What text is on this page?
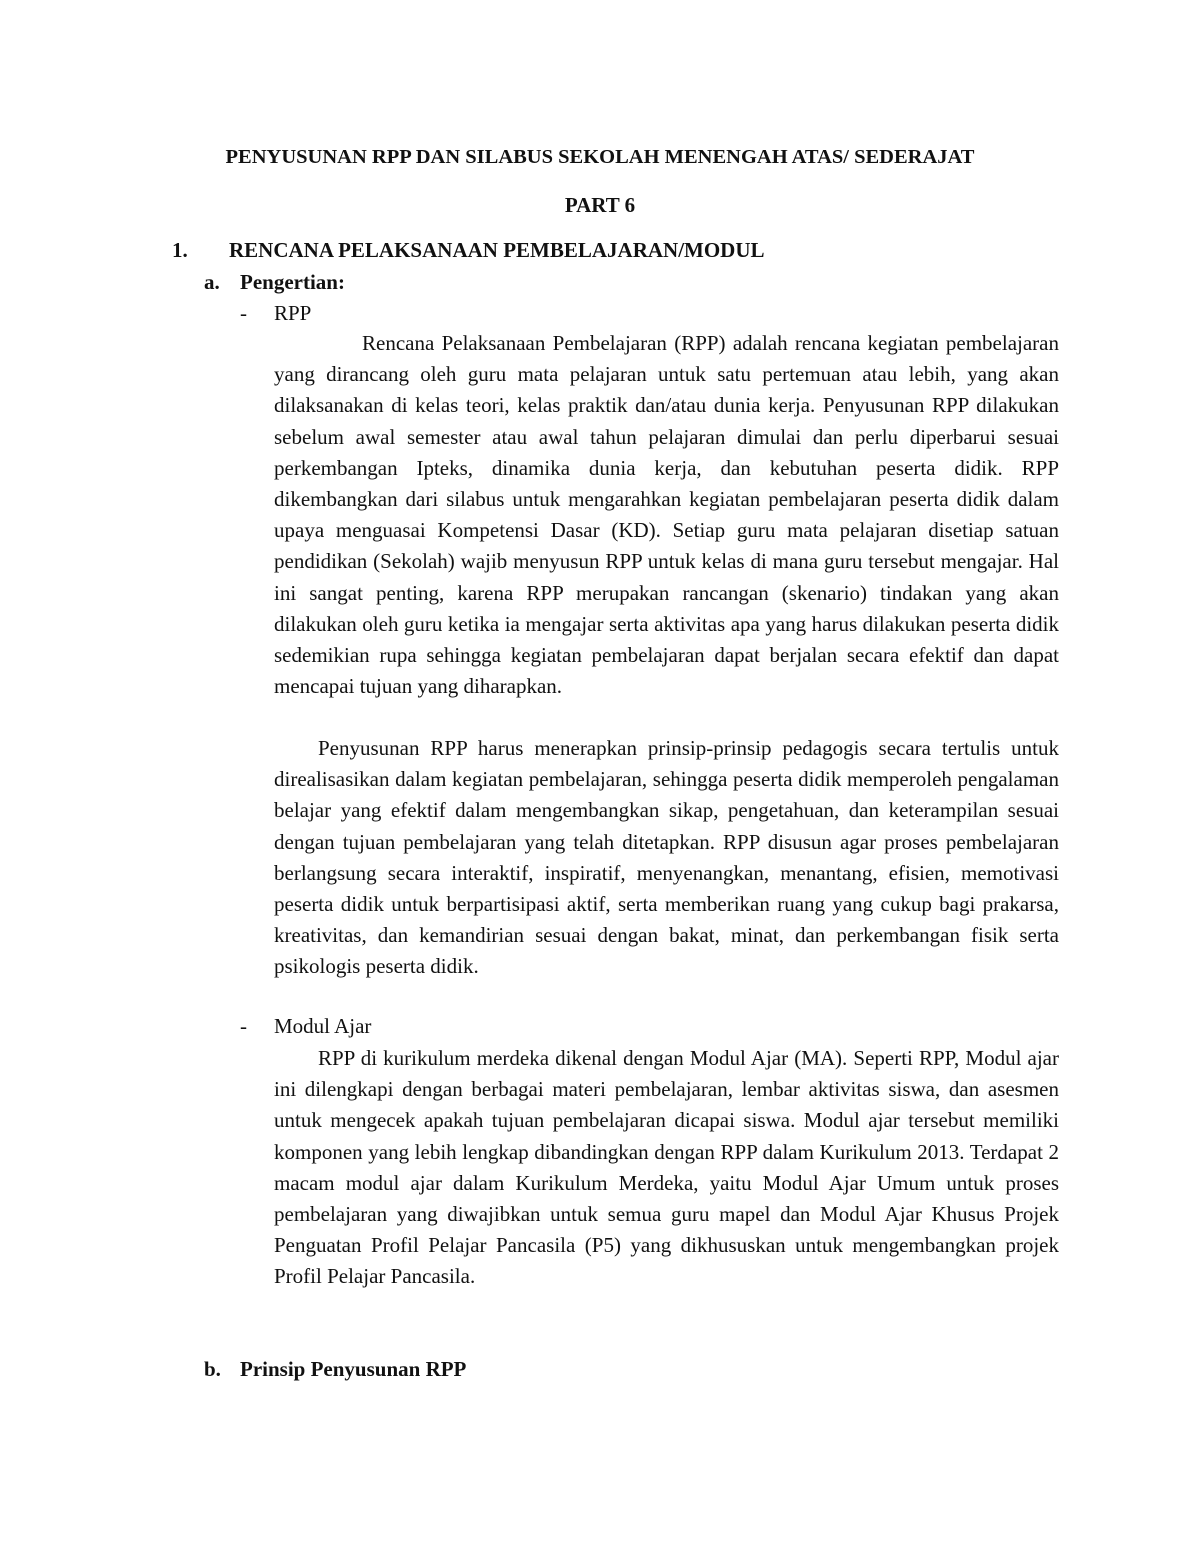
PENYUSUNAN RPP DAN SILABUS SEKOLAH MENENGAH ATAS/ SEDERAJAT
PART 6
1. RENCANA PELAKSANAAN PEMBELAJARAN/MODUL
a. Pengertian:
- RPP
Rencana Pelaksanaan Pembelajaran (RPP) adalah rencana kegiatan pembelajaran yang dirancang oleh guru mata pelajaran untuk satu pertemuan atau lebih, yang akan dilaksanakan di kelas teori, kelas praktik dan/atau dunia kerja. Penyusunan RPP dilakukan sebelum awal semester atau awal tahun pelajaran dimulai dan perlu diperbarui sesuai perkembangan Ipteks, dinamika dunia kerja, dan kebutuhan peserta didik. RPP dikembangkan dari silabus untuk mengarahkan kegiatan pembelajaran peserta didik dalam upaya menguasai Kompetensi Dasar (KD). Setiap guru mata pelajaran disetiap satuan pendidikan (Sekolah) wajib menyusun RPP untuk kelas di mana guru tersebut mengajar. Hal ini sangat penting, karena RPP merupakan rancangan (skenario) tindakan yang akan dilakukan oleh guru ketika ia mengajar serta aktivitas apa yang harus dilakukan peserta didik sedemikian rupa sehingga kegiatan pembelajaran dapat berjalan secara efektif dan dapat mencapai tujuan yang diharapkan.
Penyusunan RPP harus menerapkan prinsip-prinsip pedagogis secara tertulis untuk direalisasikan dalam kegiatan pembelajaran, sehingga peserta didik memperoleh pengalaman belajar yang efektif dalam mengembangkan sikap, pengetahuan, dan keterampilan sesuai dengan tujuan pembelajaran yang telah ditetapkan. RPP disusun agar proses pembelajaran berlangsung secara interaktif, inspiratif, menyenangkan, menantang, efisien, memotivasi peserta didik untuk berpartisipasi aktif, serta memberikan ruang yang cukup bagi prakarsa, kreativitas, dan kemandirian sesuai dengan bakat, minat, dan perkembangan fisik serta psikologis peserta didik.
- Modul Ajar
RPP di kurikulum merdeka dikenal dengan Modul Ajar (MA). Seperti RPP, Modul ajar ini dilengkapi dengan berbagai materi pembelajaran, lembar aktivitas siswa, dan asesmen untuk mengecek apakah tujuan pembelajaran dicapai siswa. Modul ajar tersebut memiliki komponen yang lebih lengkap dibandingkan dengan RPP dalam Kurikulum 2013. Terdapat 2 macam modul ajar dalam Kurikulum Merdeka, yaitu Modul Ajar Umum untuk proses pembelajaran yang diwajibkan untuk semua guru mapel dan Modul Ajar Khusus Projek Penguatan Profil Pelajar Pancasila (P5) yang dikhususkan untuk mengembangkan projek Profil Pelajar Pancasila.
b. Prinsip Penyusunan RPP
